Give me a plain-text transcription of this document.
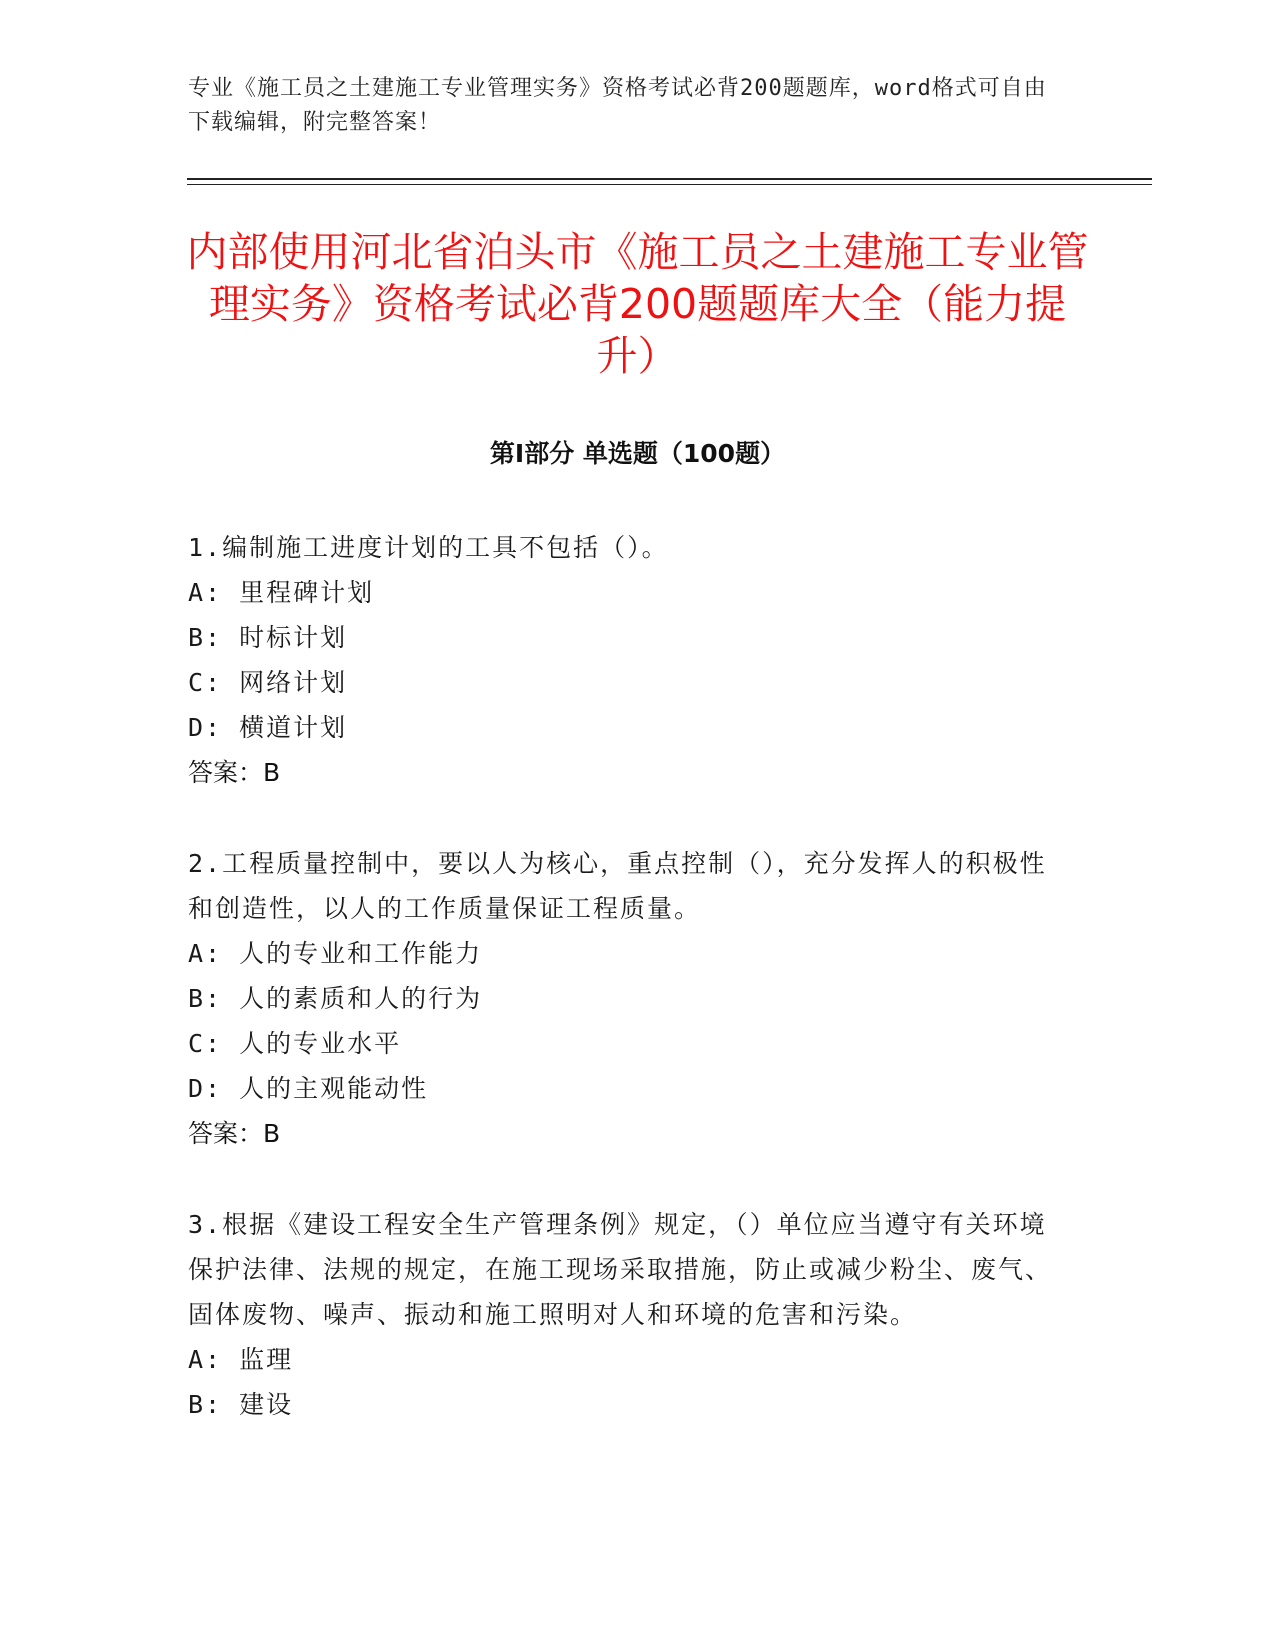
专业《施工员之土建施工专业管理实务》资格考试必背200题题库，word格式可自由下载编辑，附完整答案！
内部使用河北省泊头市《施工员之土建施工专业管理实务》资格考试必背200题题库大全（能力提升）
第Ⅰ部分 单选题（100题）

1.编制施工进度计划的工具不包括（）。

A: 里程碑计划

B: 时标计划

C: 网络计划

D: 横道计划

答案：B

2.工程质量控制中，要以人为核心，重点控制（），充分发挥人的积极性和创造性，以人的工作质量保证工程质量。

A: 人的专业和工作能力

B: 人的素质和人的行为

C: 人的专业水平

D: 人的主观能动性

答案：B

3.根据《建设工程安全生产管理条例》规定，（）单位应当遵守有关环境保护法律、法规的规定，在施工现场采取措施，防止或减少粉尘、废气、固体废物、噪声、振动和施工照明对人和环境的危害和污染。

A: 监理

B: 建设
